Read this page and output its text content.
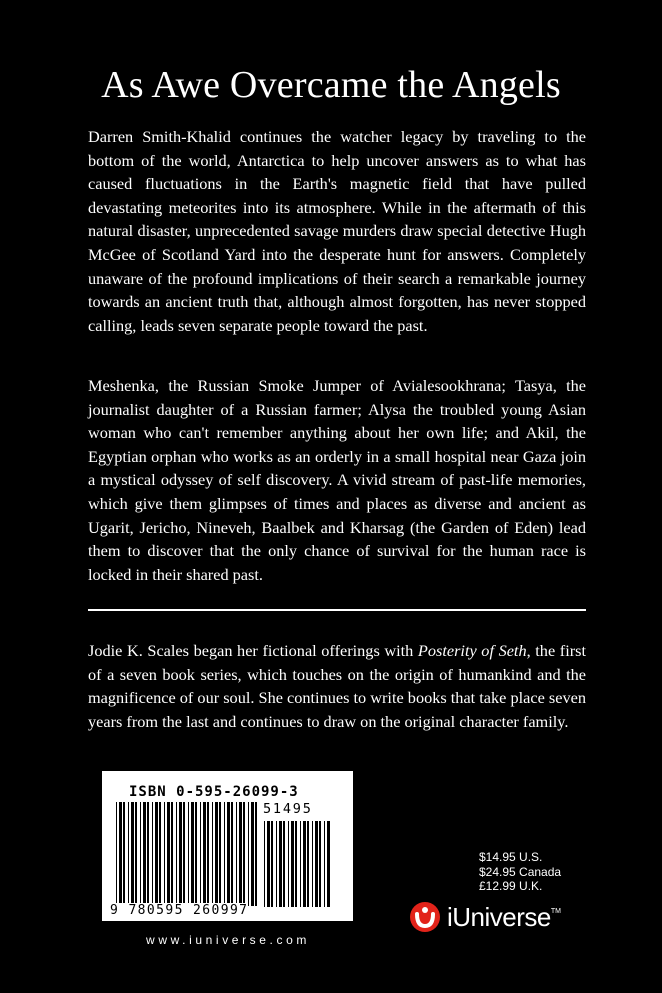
As Awe Overcame the Angels

Darren Smith-Khalid continues the watcher legacy by traveling to the bottom of the world, Antarctica to help uncover answers as to what has caused fluctuations in the Earth's magnetic field that have pulled devastating meteorites into its atmosphere. While in the aftermath of this natural disaster, unprecedented savage murders draw special detective Hugh McGee of Scotland Yard into the desperate hunt for answers. Completely unaware of the profound implications of their search a remarkable journey towards an ancient truth that, although almost forgotten, has never stopped calling, leads seven separate people toward the past.

Meshenka, the Russian Smoke Jumper of Avialesookhrana; Tasya, the journalist daughter of a Russian farmer; Alysa the troubled young Asian woman who can't remember anything about her own life; and Akil, the Egyptian orphan who works as an orderly in a small hospital near Gaza join a mystical odyssey of self discovery. A vivid stream of past-life memories, which give them glimpses of times and places as diverse and ancient as Ugarit, Jericho, Nineveh, Baalbek and Kharsag (the Garden of Eden) lead them to discover that the only chance of survival for the human race is locked in their shared past.

Jodie K. Scales began her fictional offerings with Posterity of Seth, the first of a seven book series, which touches on the origin of humankind and the magnificence of our soul. She continues to write books that take place seven years from the last and continues to draw on the original character family.

ISBN 0-595-26099-3
51495
9 780595 260997
www.iuniverse.com
$14.95 U.S.
$24.95 Canada
£12.99 U.K.
iUniverse TM
